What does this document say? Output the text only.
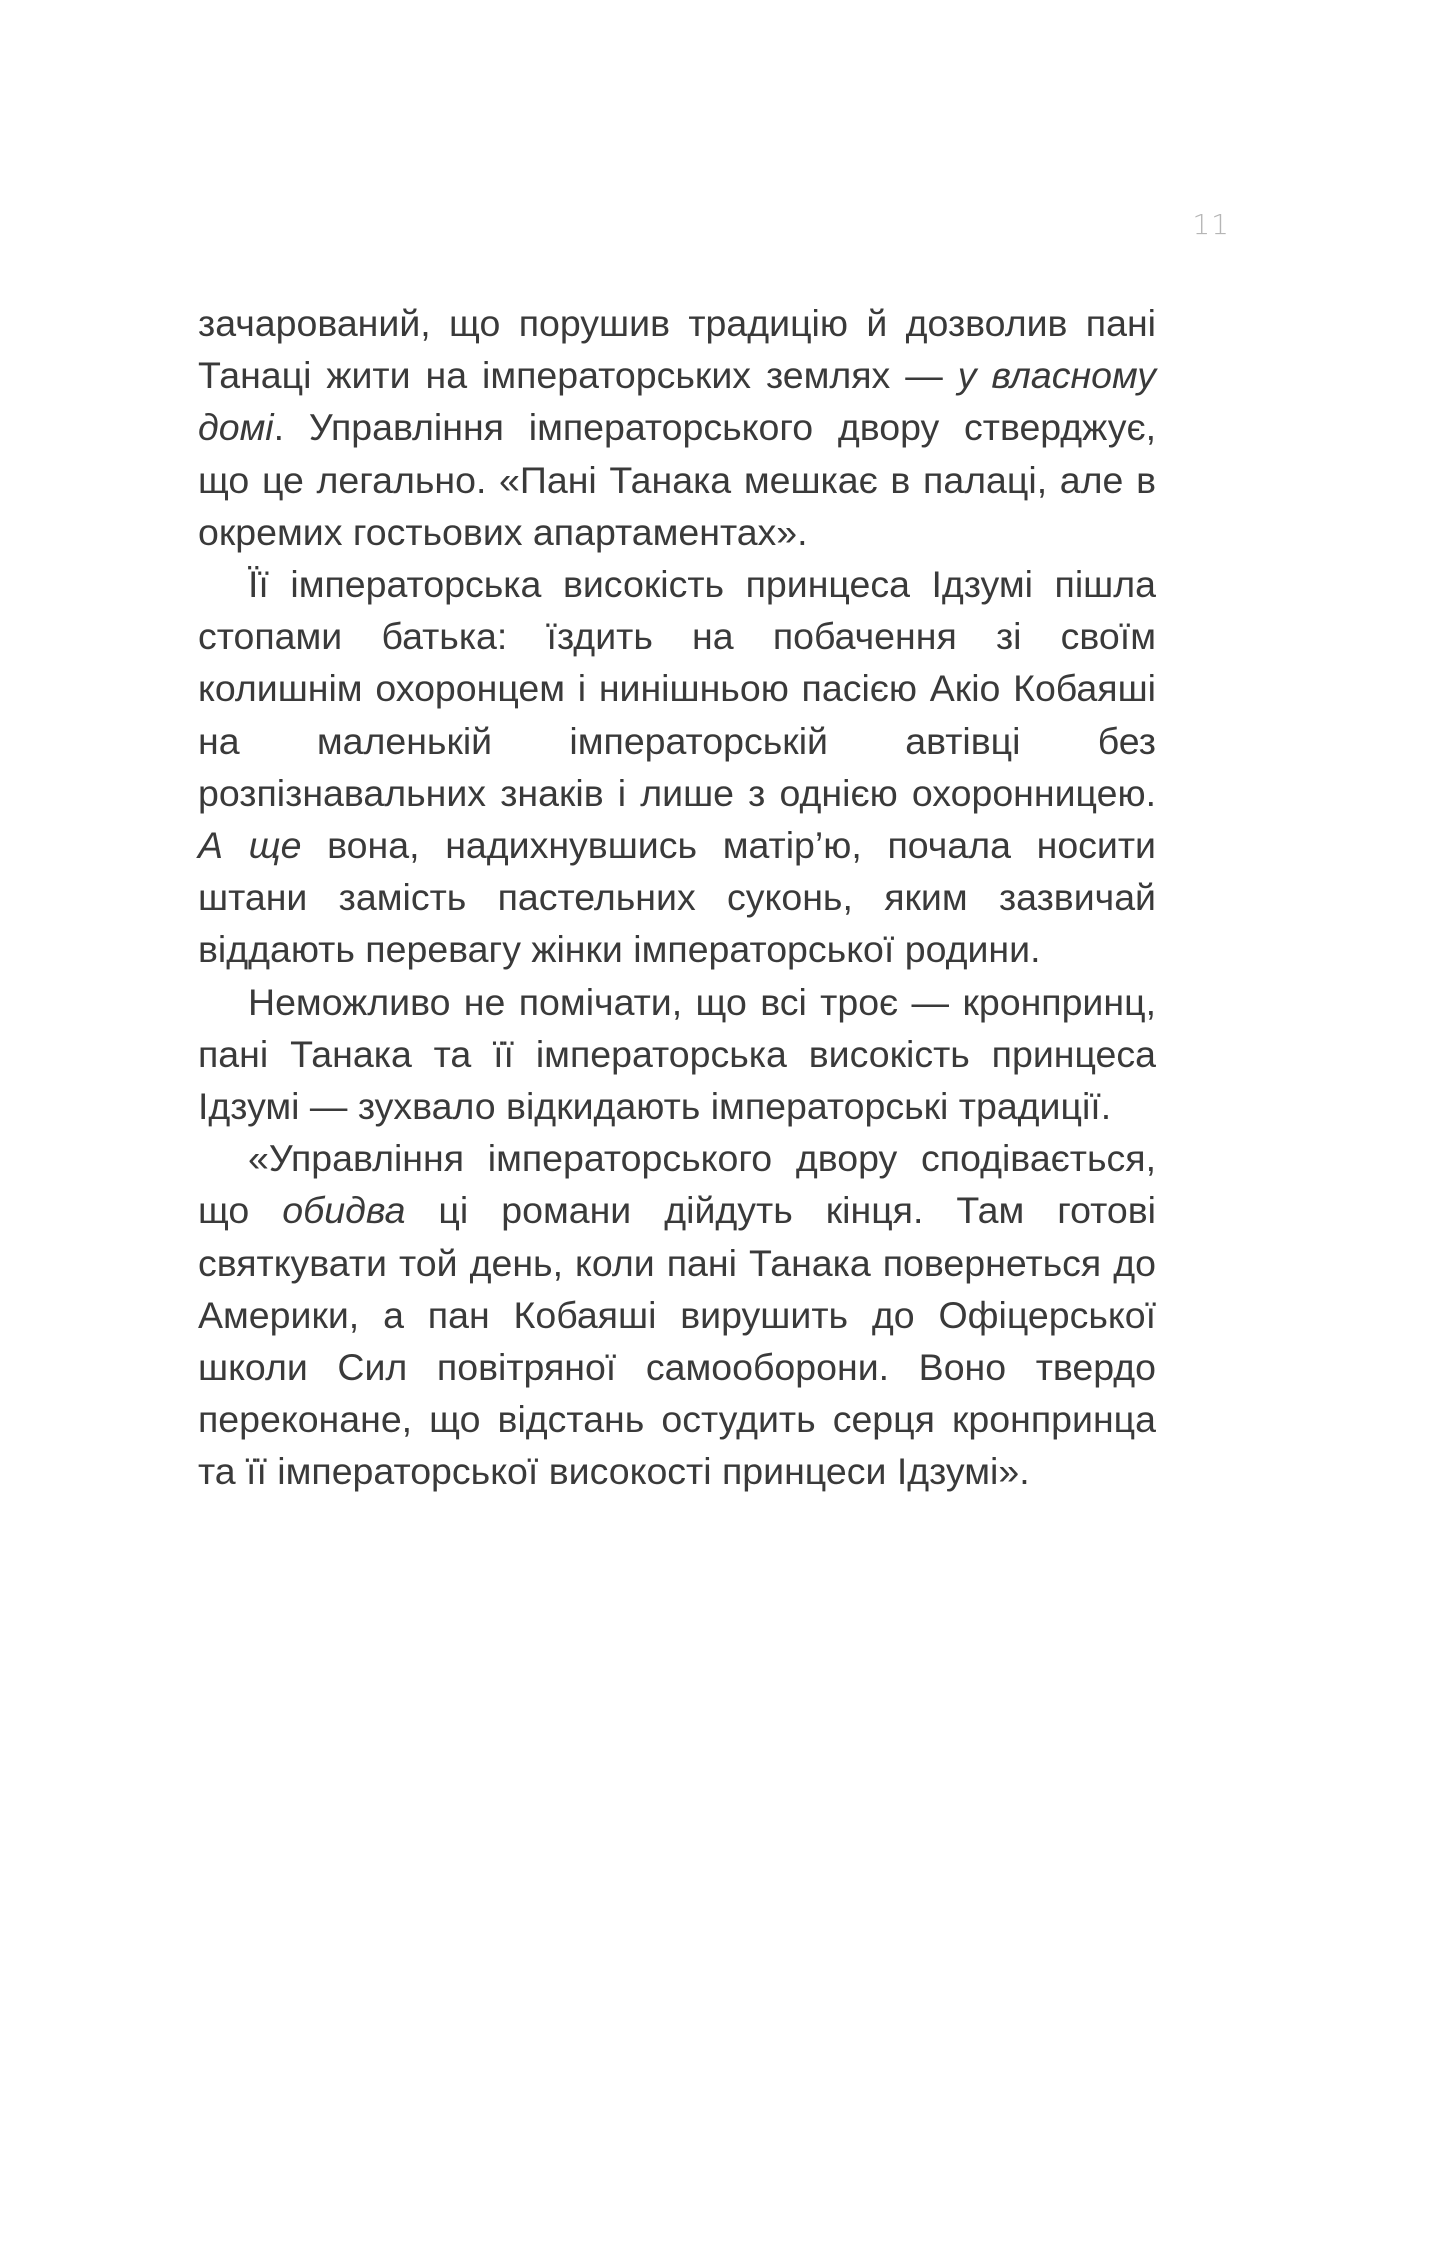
11

зачарований, що порушив традицію й дозволив пані Танаці жити на імператорських землях — у власному домі. Управління імператорського двору стверджує, що це легально. «Пані Танака мешкає в палаці, але в окремих гостьових апартаментах».

Її імператорська високість принцеса Ідзумі пішла стопами батька: їздить на побачення зі своїм колишнім охоронцем і нинішньою пасією Акіо Кобаяші на маленькій імператорській автівці без розпізнавальних знаків і лише з однією охоронницею. А ще вона, надихнувшись матір’ю, почала носити штани замість пастельних суконь, яким зазвичай віддають перевагу жінки імператорської родини.

Неможливо не помічати, що всі троє — кронпринц, пані Танака та її імператорська високість принцеса Ідзумі — зухвало відкидають імператорські традиції.

«Управління імператорського двору сподівається, що обидва ці романи дійдуть кінця. Там готові святкувати той день, коли пані Танака повернеться до Америки, а пан Кобаяші вирушить до Офіцерської школи Сил повітряної самооборони. Воно твердо переконане, що відстань остудить серця кронпринца та її імператорської високості принцеси Ідзумі».
